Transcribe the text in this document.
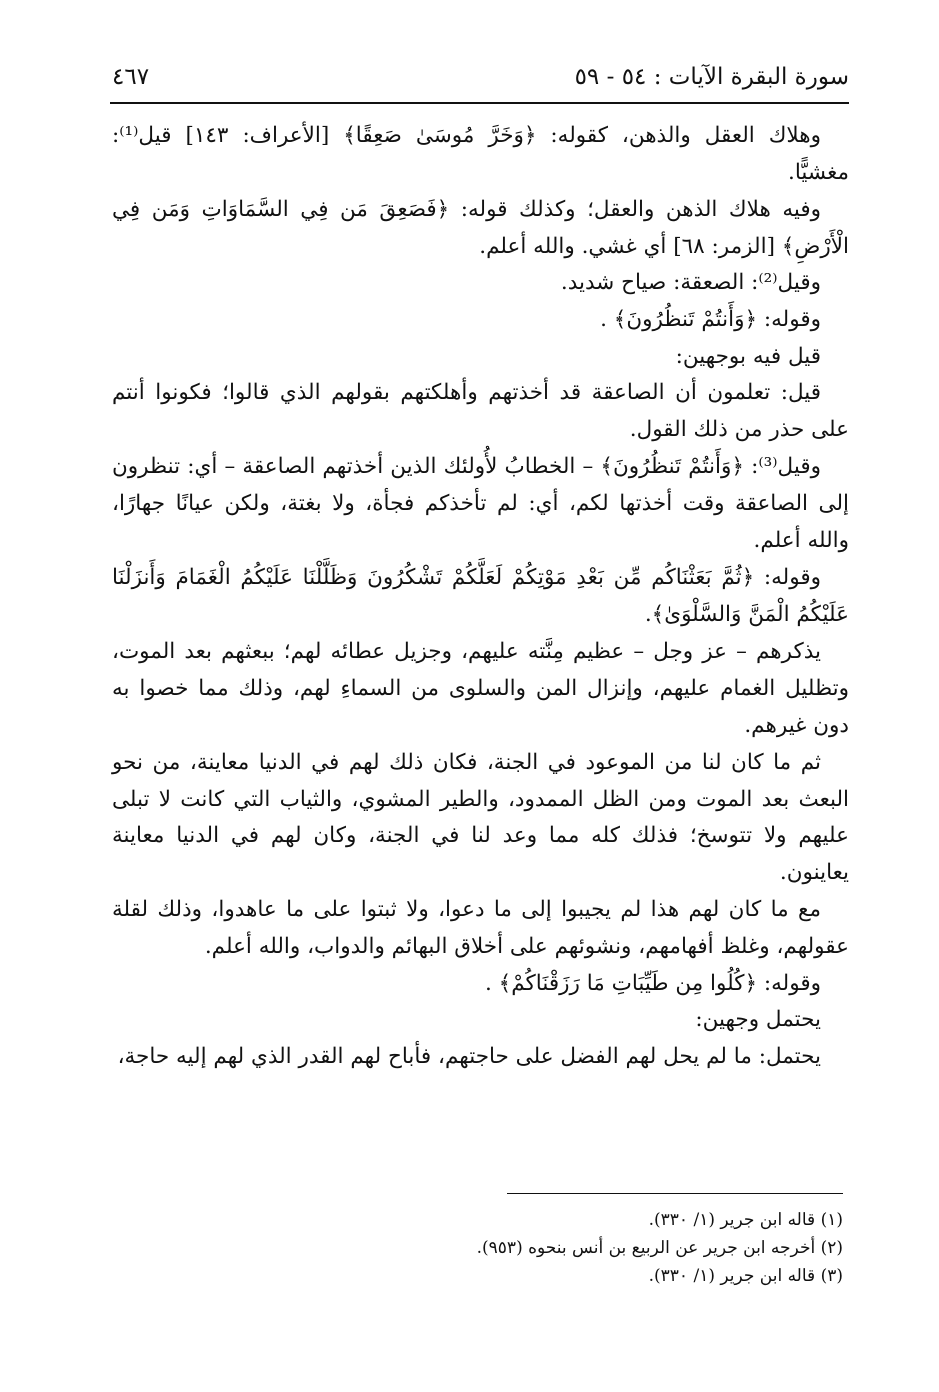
سورة البقرة الآيات : ٥٤ - ٥٩
٤٦٧

وهلاك العقل والذهن، كقوله: ﴿وَخَرَّ مُوسَىٰ صَعِقًا﴾ [الأعراف: ١٤٣] قيل⁽¹⁾: مغشيًّا.

وفيه هلاك الذهن والعقل؛ وكذلك قوله: ﴿فَصَعِقَ مَن فِي السَّمَاوَاتِ وَمَن فِي الْأَرْضِ﴾ [الزمر: ٦٨] أي غشي. والله أعلم.

وقيل⁽²⁾: الصعقة: صياح شديد.

وقوله: ﴿وَأَنتُمْ تَنظُرُونَ﴾ .

قيل فيه بوجهين:

قيل: تعلمون أن الصاعقة قد أخذتهم وأهلكتهم بقولهم الذي قالوا؛ فكونوا أنتم على حذر من ذلك القول.

وقيل⁽³⁾: ﴿وَأَنتُمْ تَنظُرُونَ﴾ – الخطابُ لأُولئك الذين أخذتهم الصاعقة – أي: تنظرون إلى الصاعقة وقت أخذتها لكم، أي: لم تأخذكم فجأة، ولا بغتة، ولكن عيانًا جهارًا، والله أعلم.

وقوله: ﴿ثُمَّ بَعَثْنَاكُم مِّن بَعْدِ مَوْتِكُمْ لَعَلَّكُمْ تَشْكُرُونَ وَظَلَّلْنَا عَلَيْكُمُ الْغَمَامَ وَأَنزَلْنَا عَلَيْكُمُ الْمَنَّ وَالسَّلْوَىٰ﴾.

يذكرهم – عز وجل – عظيم مِنَّته عليهم، وجزيل عطائه لهم؛ ببعثهم بعد الموت، وتظليل الغمام عليهم، وإنزال المن والسلوى من السماءِ لهم، وذلك مما خصوا به دون غيرهم.

ثم ما كان لنا من الموعود في الجنة، فكان ذلك لهم في الدنيا معاينة، من نحو البعث بعد الموت ومن الظل الممدود، والطير المشوي، والثياب التي كانت لا تبلى عليهم ولا تتوسخ؛ فذلك كله مما وعد لنا في الجنة، وكان لهم في الدنيا معاينة يعاينون.

مع ما كان لهم هذا لم يجيبوا إلى ما دعوا، ولا ثبتوا على ما عاهدوا، وذلك لقلة عقولهم، وغلظ أفهامهم، ونشوئهم على أخلاق البهائم والدواب، والله أعلم.

وقوله: ﴿كُلُوا مِن طَيِّبَاتِ مَا رَزَقْنَاكُمْ﴾ .

يحتمل وجهين:

يحتمل: ما لم يحل لهم الفضل على حاجتهم، فأباح لهم القدر الذي لهم إليه حاجة،

(١) قاله ابن جرير (١/ ٣٣٠).
(٢) أخرجه ابن جرير عن الربيع بن أنس بنحوه (٩٥٣).
(٣) قاله ابن جرير (١/ ٣٣٠).
